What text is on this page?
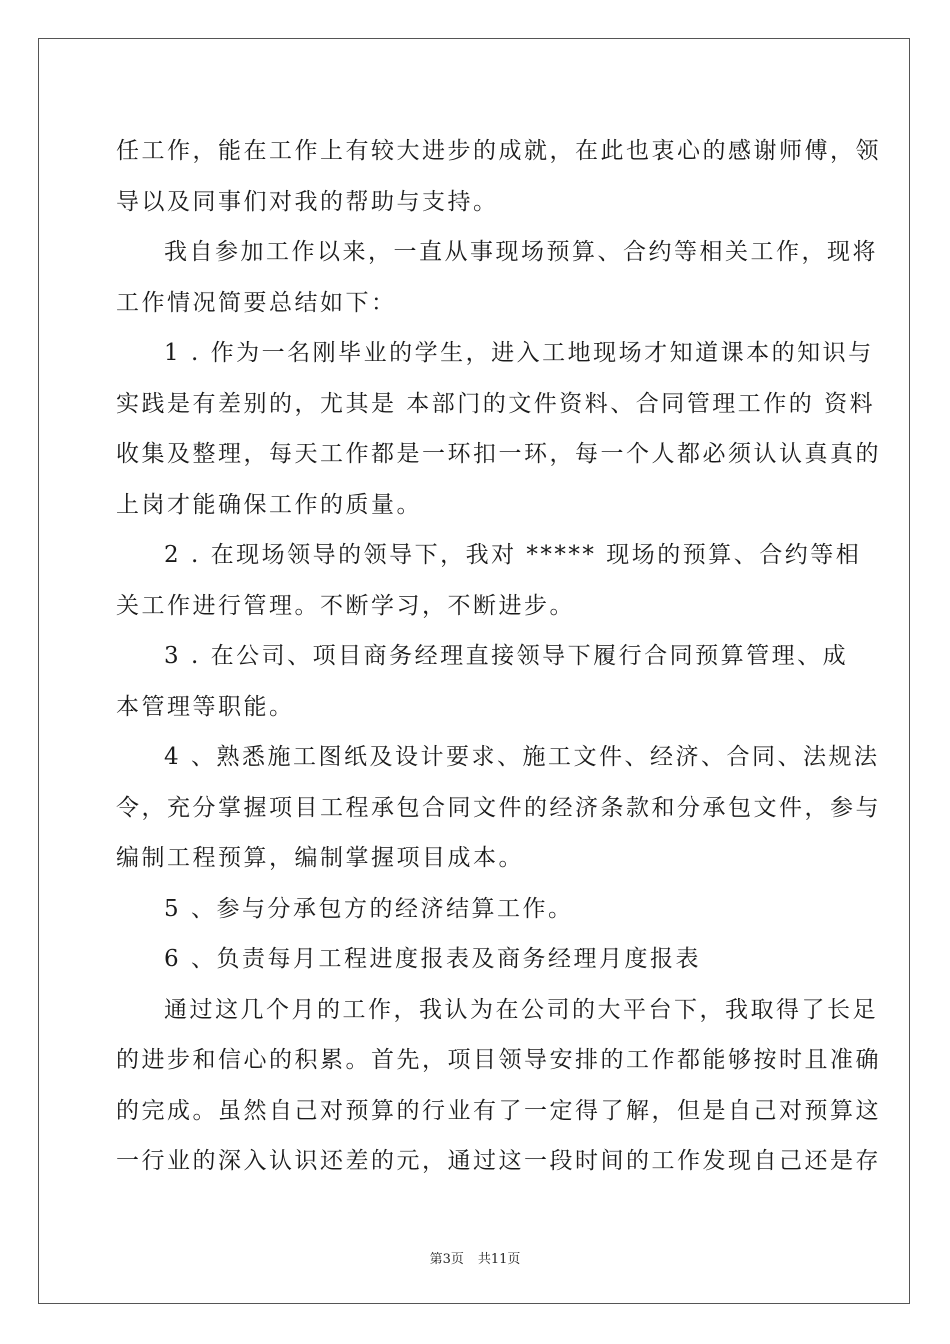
任工作，能在工作上有较大进步的成就，在此也衷心的感谢师傅，领
导以及同事们对我的帮助与支持。
我自参加工作以来，一直从事现场预算、合约等相关工作，现将
工作情况简要总结如下：
1 . 作为一名刚毕业的学生，进入工地现场才知道课本的知识与
实践是有差别的，尤其是 本部门的文件资料、合同管理工作的 资料
收集及整理，每天工作都是一环扣一环，每一个人都必须认认真真的
上岗才能确保工作的质量。
2 . 在现场领导的领导下，我对 ***** 现场的预算、合约等相
关工作进行管理。不断学习，不断进步。
3 . 在公司、项目商务经理直接领导下履行合同预算管理、成
本管理等职能。
4 、熟悉施工图纸及设计要求、施工文件、经济、合同、法规法
令，充分掌握项目工程承包合同文件的经济条款和分承包文件，参与
编制工程预算，编制掌握项目成本。
5 、参与分承包方的经济结算工作。
6 、负责每月工程进度报表及商务经理月度报表
通过这几个月的工作，我认为在公司的大平台下，我取得了长足
的进步和信心的积累。首先，项目领导安排的工作都能够按时且准确
的完成。虽然自己对预算的行业有了一定得了解，但是自己对预算这
一行业的深入认识还差的元，通过这一段时间的工作发现自己还是存
第3页 共11页
